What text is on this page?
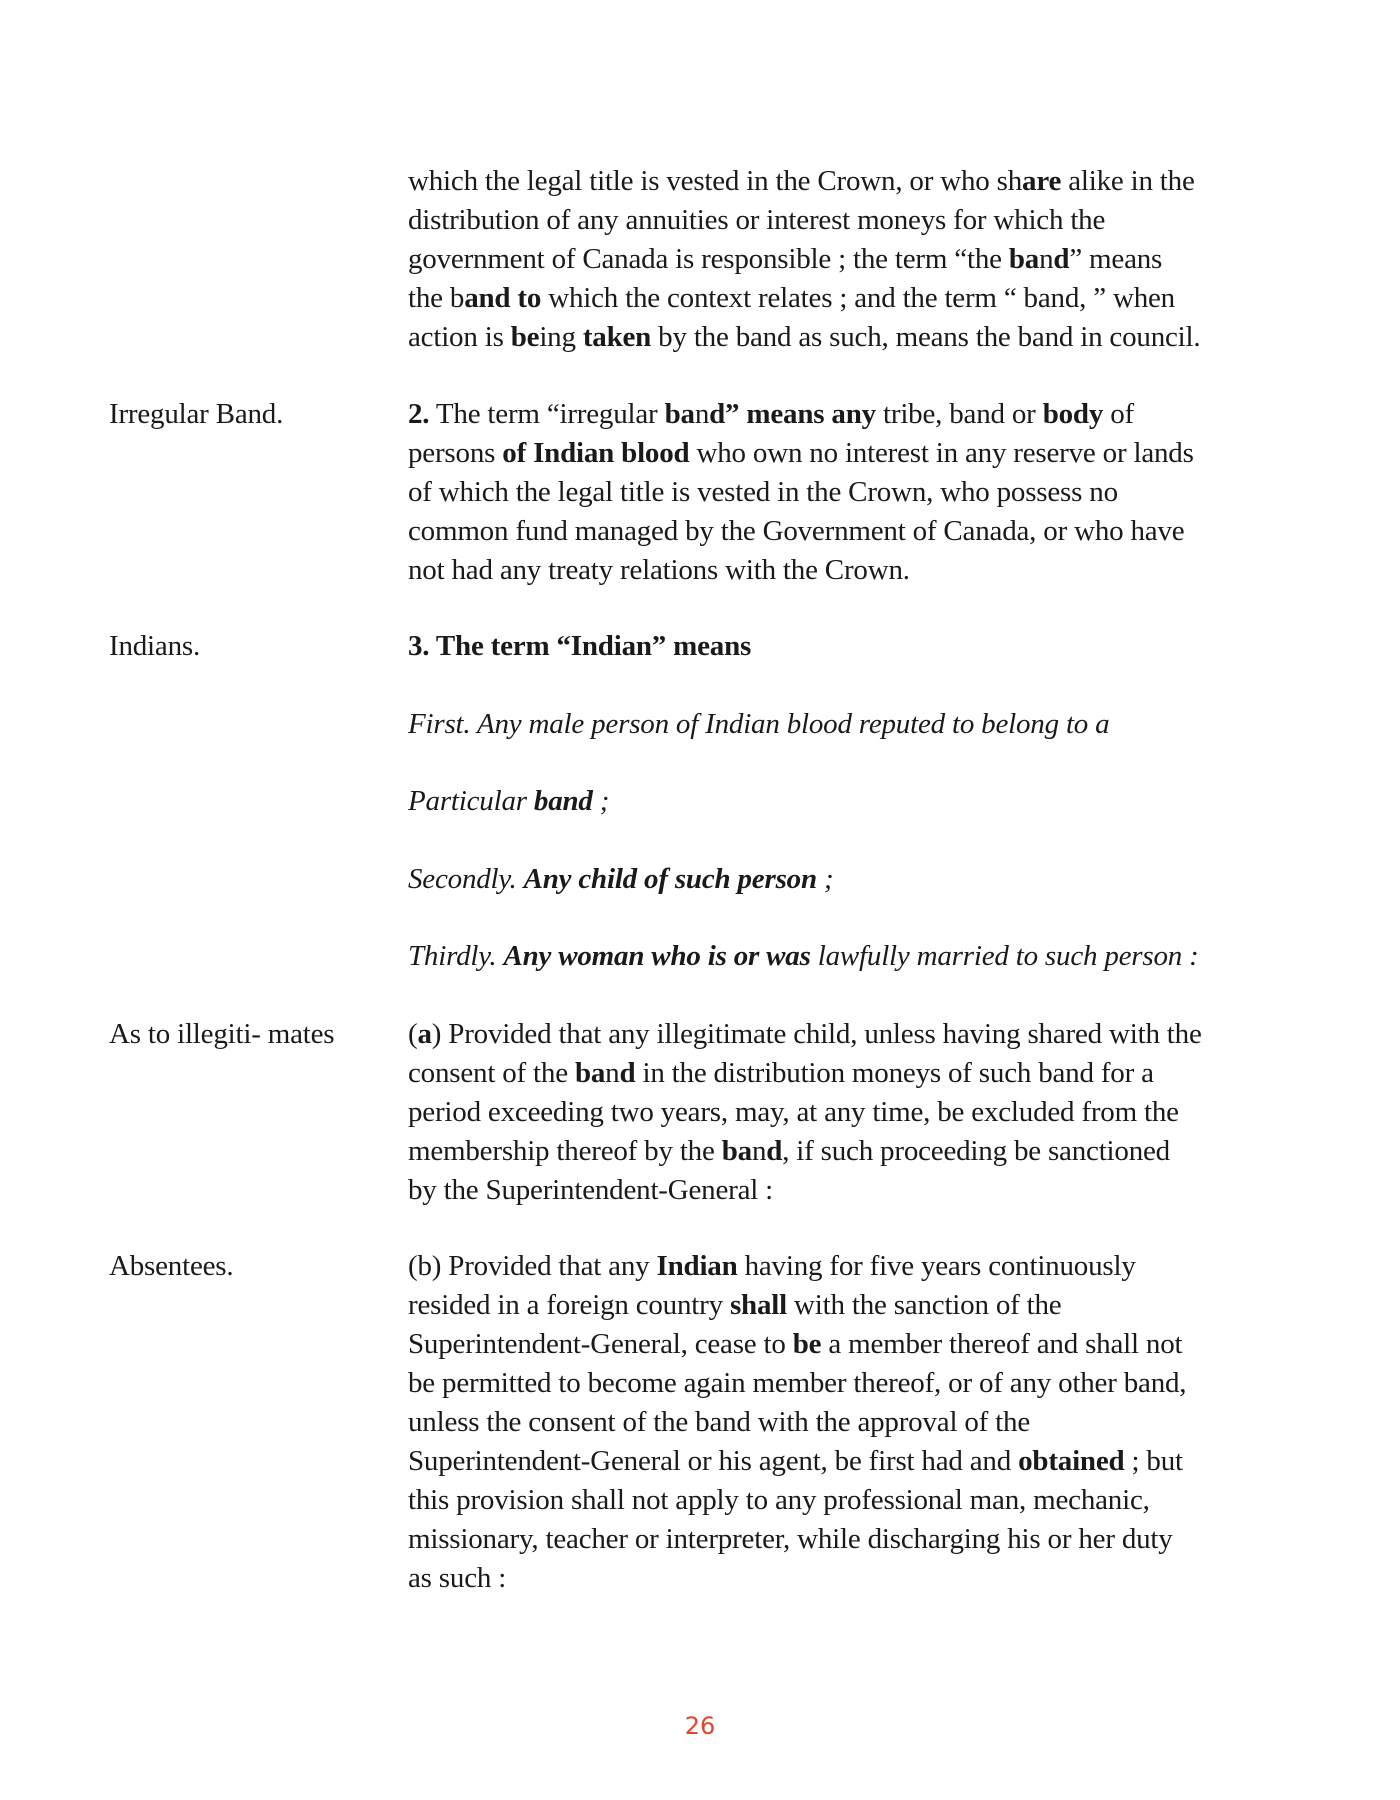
which the legal title is vested in the Crown, or who share alike in the
distribution of any annuities or interest moneys for which the
government of Canada is responsible ; the term “the band” means
the band to which the context relates ; and the term “ band, ” when
action is being taken by the band as such, means the band in council.
Irregular Band.	2. The term “irregular band” means any tribe, band or body of
persons of Indian blood who own no interest in any reserve or lands
of which the legal title is vested in the Crown, who possess no
common fund managed by the Government of Canada, or who have
not had any treaty relations with the Crown.
Indians.	3. The term “Indian” means
First. Any male person of Indian blood reputed to belong to a
Particular band ;
Secondly. Any child of such person ;
Thirdly. Any woman who is or was lawfully married to such person :
As to illegiti- mates	(a) Provided that any illegitimate child, unless having shared with the
consent of the band in the distribution moneys of such band for a
period exceeding two years, may, at any time, be excluded from the
membership thereof by the band, if such proceeding be sanctioned
by the Superintendent-General :
Absentees.	(b) Provided that any Indian having for five years continuously
resided in a foreign country shall with the sanction of the
Superintendent-General, cease to be a member thereof and shall not
be permitted to become again member thereof, or of any other band,
unless the consent of the band with the approval of the
Superintendent-General or his agent, be first had and obtained ; but
this provision shall not apply to any professional man, mechanic,
missionary, teacher or interpreter, while discharging his or her duty
as such :
26
